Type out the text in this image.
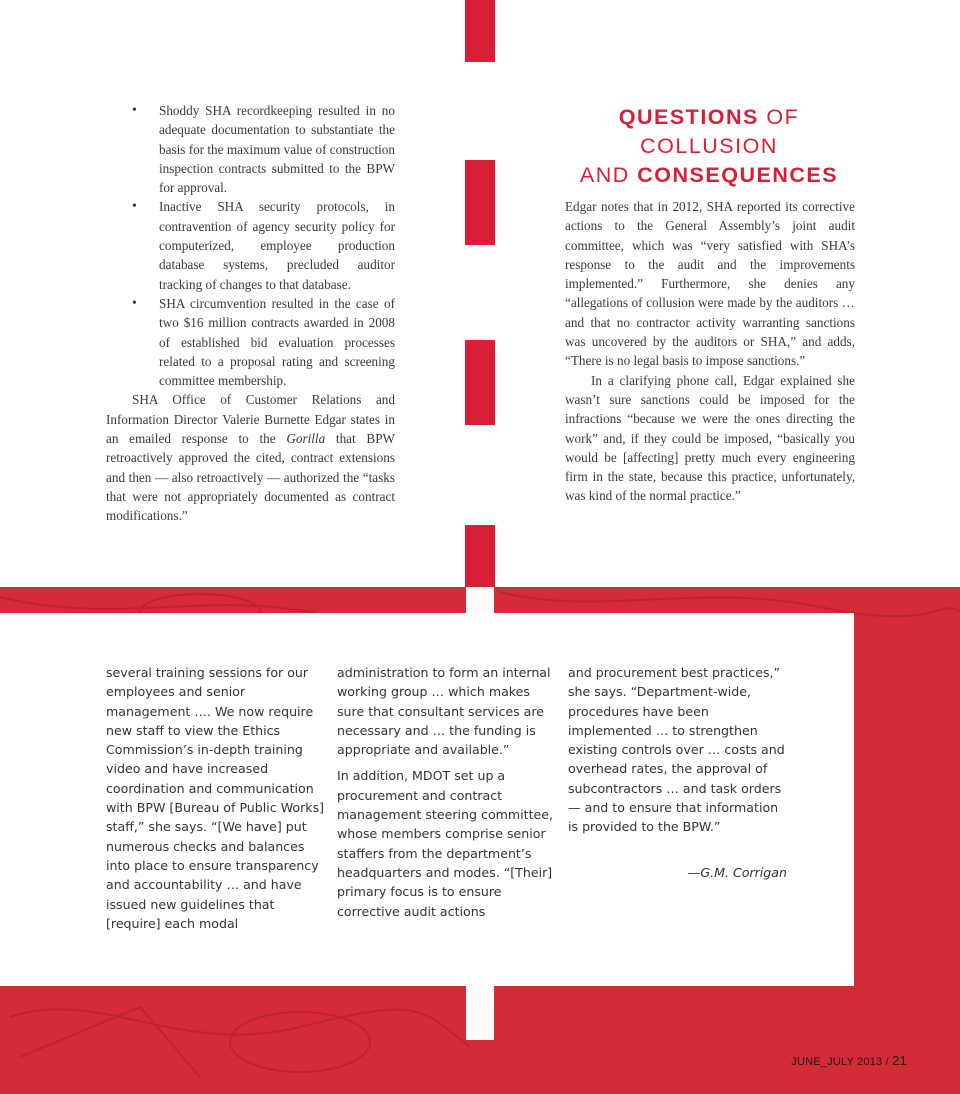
• Shoddy SHA recordkeeping resulted in no adequate documentation to substantiate the basis for the maximum value of construction inspection contracts submitted to the BPW for approval.
• Inactive SHA security protocols, in contravention of agency security policy for computerized, employee production database systems, precluded auditor tracking of changes to that database.
• SHA circumvention resulted in the case of two $16 million contracts awarded in 2008 of established bid evaluation processes related to a proposal rating and screening committee membership.

SHA Office of Customer Relations and Information Director Valerie Burnette Edgar states in an emailed response to the Gorilla that BPW retroactively approved the cited, contract extensions and then — also retroactively — authorized the “tasks that were not appropriately documented as contract modifications.”

QUESTIONS OF COLLUSION
AND CONSEQUENCES

Edgar notes that in 2012, SHA reported its corrective actions to the General Assembly’s joint audit committee, which was “very satisfied with SHA’s response to the audit and the improvements implemented.” Furthermore, she denies any “allegations of collusion were made by the auditors … and that no contractor activity warranting sanctions was uncovered by the auditors or SHA,” and adds, “There is no legal basis to impose sanctions.”

In a clarifying phone call, Edgar explained she wasn’t sure sanctions could be imposed for the infractions “because we were the ones directing the work” and, if they could be imposed, “basically you would be [affecting] pretty much every engineering firm in the state, because this practice, unfortunately, was kind of the normal practice.”

several training sessions for our employees and senior management …. We now require new staff to view the Ethics Commission’s in-depth training video and have increased coordination and communication with BPW [Bureau of Public Works] staff,” she says. “[We have] put numerous checks and balances into place to ensure transparency and accountability … and have issued new guidelines that [require] each modal

administration to form an internal working group … which makes sure that consultant services are necessary and … the funding is appropriate and available.”

In addition, MDOT set up a procurement and contract management steering committee, whose members comprise senior staffers from the department’s headquarters and modes. “[Their] primary focus is to ensure corrective audit actions

and procurement best practices,” she says. “Department-wide, procedures have been implemented … to strengthen existing controls over … costs and overhead rates, the approval of subcontractors … and task orders — and to ensure that information is provided to the BPW.”

—G.M. Corrigan

JUNE_JULY 2013 / 21
